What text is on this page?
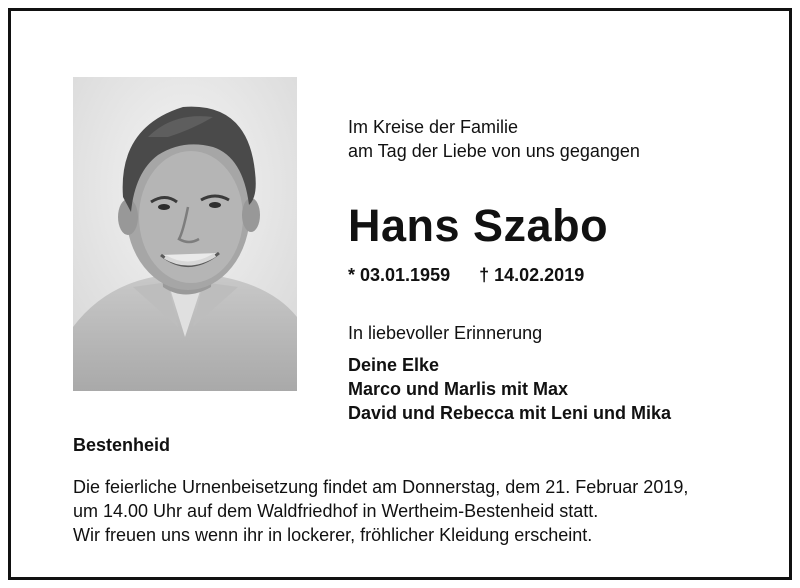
Im Kreise der Familie
am Tag der Liebe von uns gegangen
Hans Szabo
* 03.01.1959 † 14.02.2019
In liebevoller Erinnerung
Deine Elke
Marco und Marlis mit Max
David und Rebecca mit Leni und Mika
Bestenheid
Die feierliche Urnenbeisetzung findet am Donnerstag, dem 21. Februar 2019,
um 14.00 Uhr auf dem Waldfriedhof in Wertheim-Bestenheid statt.
Wir freuen uns wenn ihr in lockerer, fröhlicher Kleidung erscheint.
